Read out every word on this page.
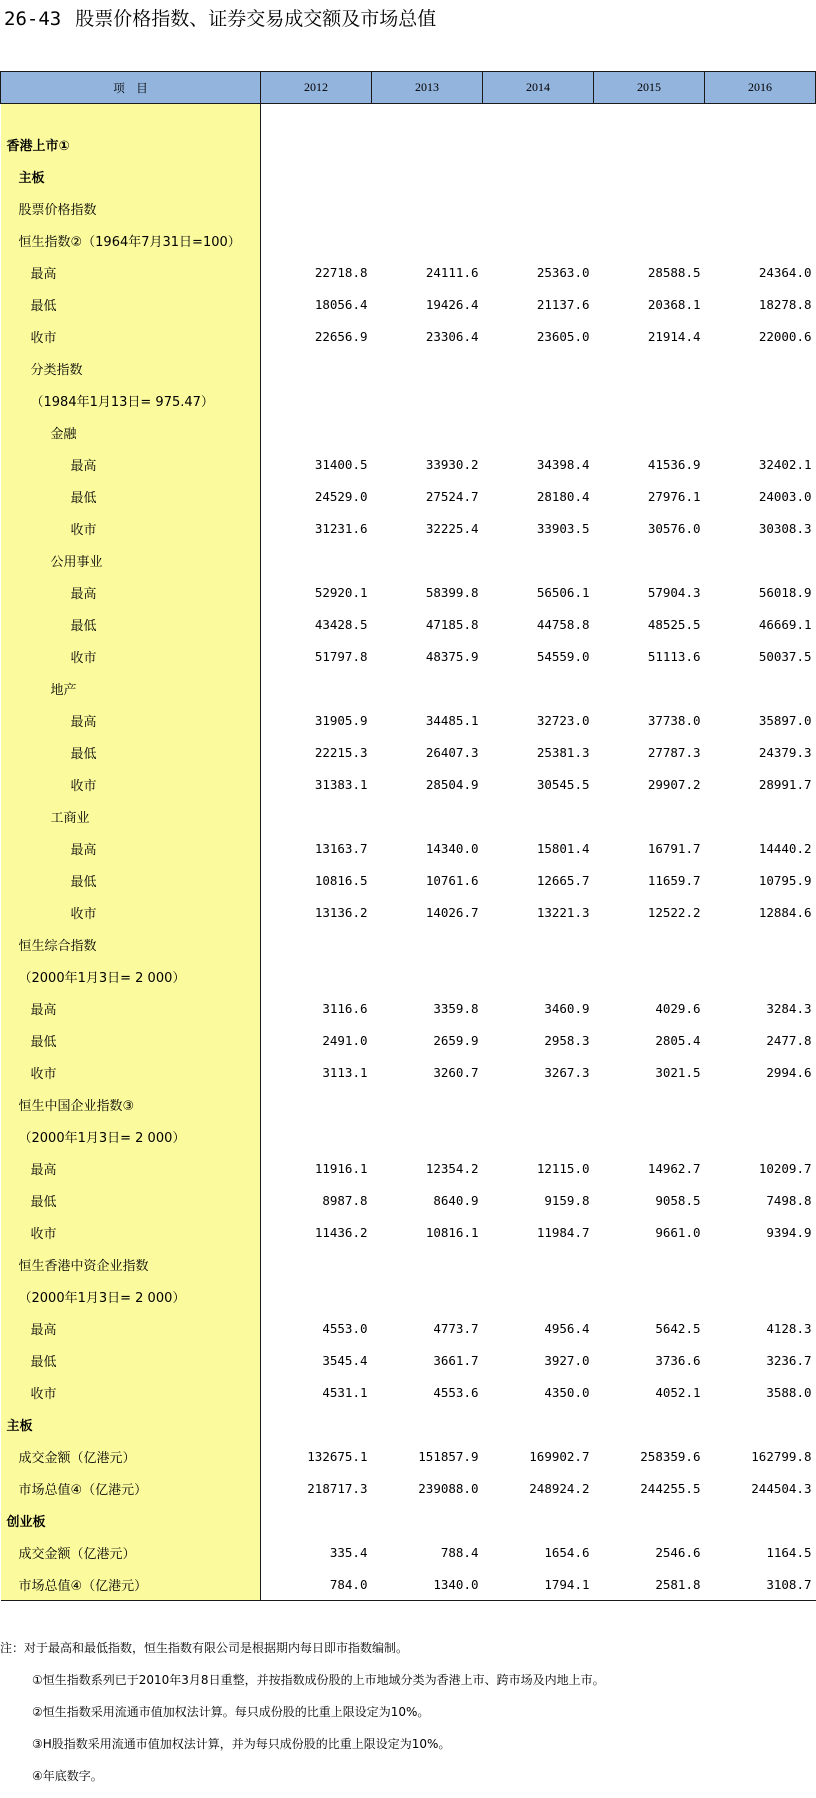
26-43 股票价格指数、证券交易成交额及市场总值
项　目	2012	2013	2014	2015	2016

香港上市①					
主板					
股票价格指数					
恒生指数②（1964年7月31日=100）					
最高	22718.8	24111.6	25363.0	28588.5	24364.0
最低	18056.4	19426.4	21137.6	20368.1	18278.8
收市	22656.9	23306.4	23605.0	21914.4	22000.6
分类指数					
（1984年1月13日= 975.47）					
金融					
最高	31400.5	33930.2	34398.4	41536.9	32402.1
最低	24529.0	27524.7	28180.4	27976.1	24003.0
收市	31231.6	32225.4	33903.5	30576.0	30308.3
公用事业					
最高	52920.1	58399.8	56506.1	57904.3	56018.9
最低	43428.5	47185.8	44758.8	48525.5	46669.1
收市	51797.8	48375.9	54559.0	51113.6	50037.5
地产					
最高	31905.9	34485.1	32723.0	37738.0	35897.0
最低	22215.3	26407.3	25381.3	27787.3	24379.3
收市	31383.1	28504.9	30545.5	29907.2	28991.7
工商业					
最高	13163.7	14340.0	15801.4	16791.7	14440.2
最低	10816.5	10761.6	12665.7	11659.7	10795.9
收市	13136.2	14026.7	13221.3	12522.2	12884.6
恒生综合指数					
（2000年1月3日= 2 000）					
最高	3116.6	3359.8	3460.9	4029.6	3284.3
最低	2491.0	2659.9	2958.3	2805.4	2477.8
收市	3113.1	3260.7	3267.3	3021.5	2994.6
恒生中国企业指数③					
（2000年1月3日= 2 000）					
最高	11916.1	12354.2	12115.0	14962.7	10209.7
最低	8987.8	8640.9	9159.8	9058.5	7498.8
收市	11436.2	10816.1	11984.7	9661.0	9394.9
恒生香港中资企业指数					
（2000年1月3日= 2 000）					
最高	4553.0	4773.7	4956.4	5642.5	4128.3
最低	3545.4	3661.7	3927.0	3736.6	3236.7
收市	4531.1	4553.6	4350.0	4052.1	3588.0
主板					
成交金额（亿港元）	132675.1	151857.9	169902.7	258359.6	162799.8
市场总值④（亿港元）	218717.3	239088.0	248924.2	244255.5	244504.3
创业板					
成交金额（亿港元）	335.4	788.4	1654.6	2546.6	1164.5
市场总值④（亿港元）	784.0	1340.0	1794.1	2581.8	3108.7
注：对于最高和最低指数，恒生指数有限公司是根据期内每日即市指数编制。
①恒生指数系列已于2010年3月8日重整，并按指数成份股的上市地域分类为香港上市、跨市场及内地上市。
②恒生指数采用流通市值加权法计算。每只成份股的比重上限设定为10%。
③H股指数采用流通市值加权法计算，并为每只成份股的比重上限设定为10%。
④年底数字。
